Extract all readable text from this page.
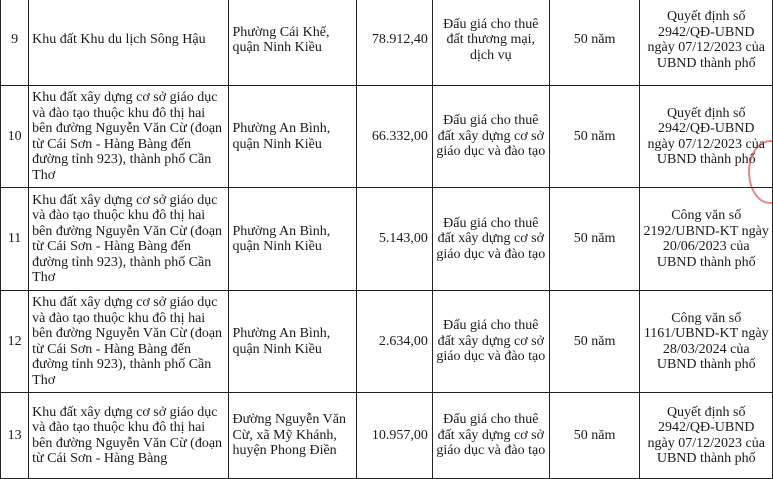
9	Khu đất Khu du lịch Sông Hậu	Phường Cái Khế, quận Ninh Kiều	78.912,40	Đấu giá cho thuê đất thương mại, dịch vụ	50 năm	Quyết định số 2942/QĐ-UBND ngày 07/12/2023 của UBND thành phố
10	Khu đất xây dựng cơ sở giáo dục và đào tạo thuộc khu đô thị hai bên đường Nguyễn Văn Cừ (đoạn từ Cái Sơn - Hàng Bàng đến đường tỉnh 923), thành phố Cần Thơ	Phường An Bình, quận Ninh Kiều	66.332,00	Đấu giá cho thuê đất xây dựng cơ sở giáo dục và đào tạo	50 năm	Quyết định số 2942/QĐ-UBND ngày 07/12/2023 của UBND thành phố
11	Khu đất xây dựng cơ sở giáo dục và đào tạo thuộc khu đô thị hai bên đường Nguyễn Văn Cừ (đoạn từ Cái Sơn - Hàng Bàng đến đường tỉnh 923), thành phố Cần Thơ	Phường An Bình, quận Ninh Kiều	5.143,00	Đấu giá cho thuê đất xây dựng cơ sở giáo dục và đào tạo	50 năm	Công văn số 2192/UBND-KT ngày 20/06/2023 của UBND thành phố
12	Khu đất xây dựng cơ sở giáo dục và đào tạo thuộc khu đô thị hai bên đường Nguyễn Văn Cừ (đoạn từ Cái Sơn - Hàng Bàng đến đường tỉnh 923), thành phố Cần Thơ	Phường An Bình, quận Ninh Kiều	2.634,00	Đấu giá cho thuê đất xây dựng cơ sở giáo dục và đào tạo	50 năm	Công văn số 1161/UBND-KT ngày 28/03/2024 của UBND thành phố
13	Khu đất xây dựng cơ sở giáo dục và đào tạo thuộc khu đô thị hai bên đường Nguyễn Văn Cừ (đoạn từ Cái Sơn - Hàng Bàng	Đường Nguyễn Văn Cừ, xã Mỹ Khánh, huyện Phong Điền	10.957,00	Đấu giá cho thuê đất xây dựng cơ sở giáo dục và đào tạo	50 năm	Quyết định số 2942/QĐ-UBND ngày 07/12/2023 của UBND thành phố
